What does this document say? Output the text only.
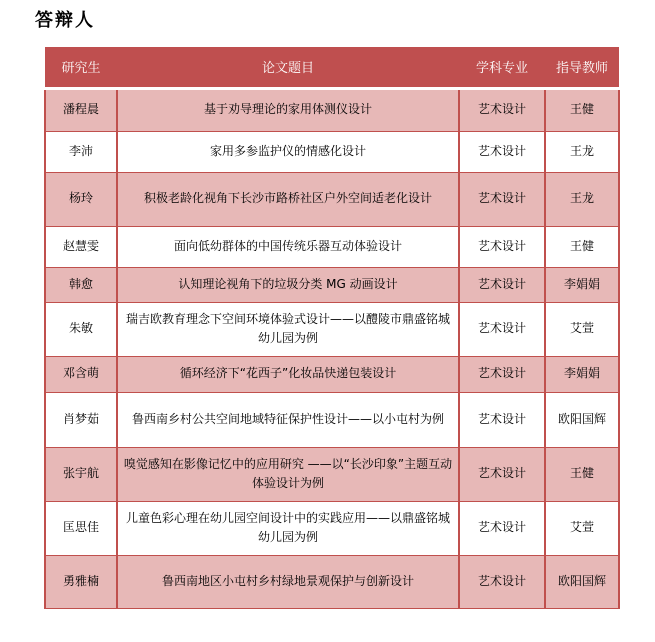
答辩人
研究生	论文题目	学科专业	指导教师
潘程晨	基于劝导理论的家用体测仪设计	艺术设计	王健
李沛	家用多参监护仪的情感化设计	艺术设计	王龙
杨玲	积极老龄化视角下长沙市路桥社区户外空间适老化设计	艺术设计	王龙
赵慧雯	面向低幼群体的中国传统乐器互动体验设计	艺术设计	王健
韩愈	认知理论视角下的垃圾分类 MG 动画设计	艺术设计	李娟娟
朱敏	瑞吉欧教育理念下空间环境体验式设计——以醴陵市鼎盛铭城幼儿园为例	艺术设计	艾萱
邓含萌	循环经济下“花西子”化妆品快递包装设计	艺术设计	李娟娟
肖梦茹	鲁西南乡村公共空间地域特征保护性设计——以小屯村为例	艺术设计	欧阳国辉
张宇航	嗅觉感知在影像记忆中的应用研究 ——以“长沙印象”主题互动体验设计为例	艺术设计	王健
匡思佳	儿童色彩心理在幼儿园空间设计中的实践应用——以鼎盛铭城幼儿园为例	艺术设计	艾萱
勇雅楠	鲁西南地区小屯村乡村绿地景观保护与创新设计	艺术设计	欧阳国辉
